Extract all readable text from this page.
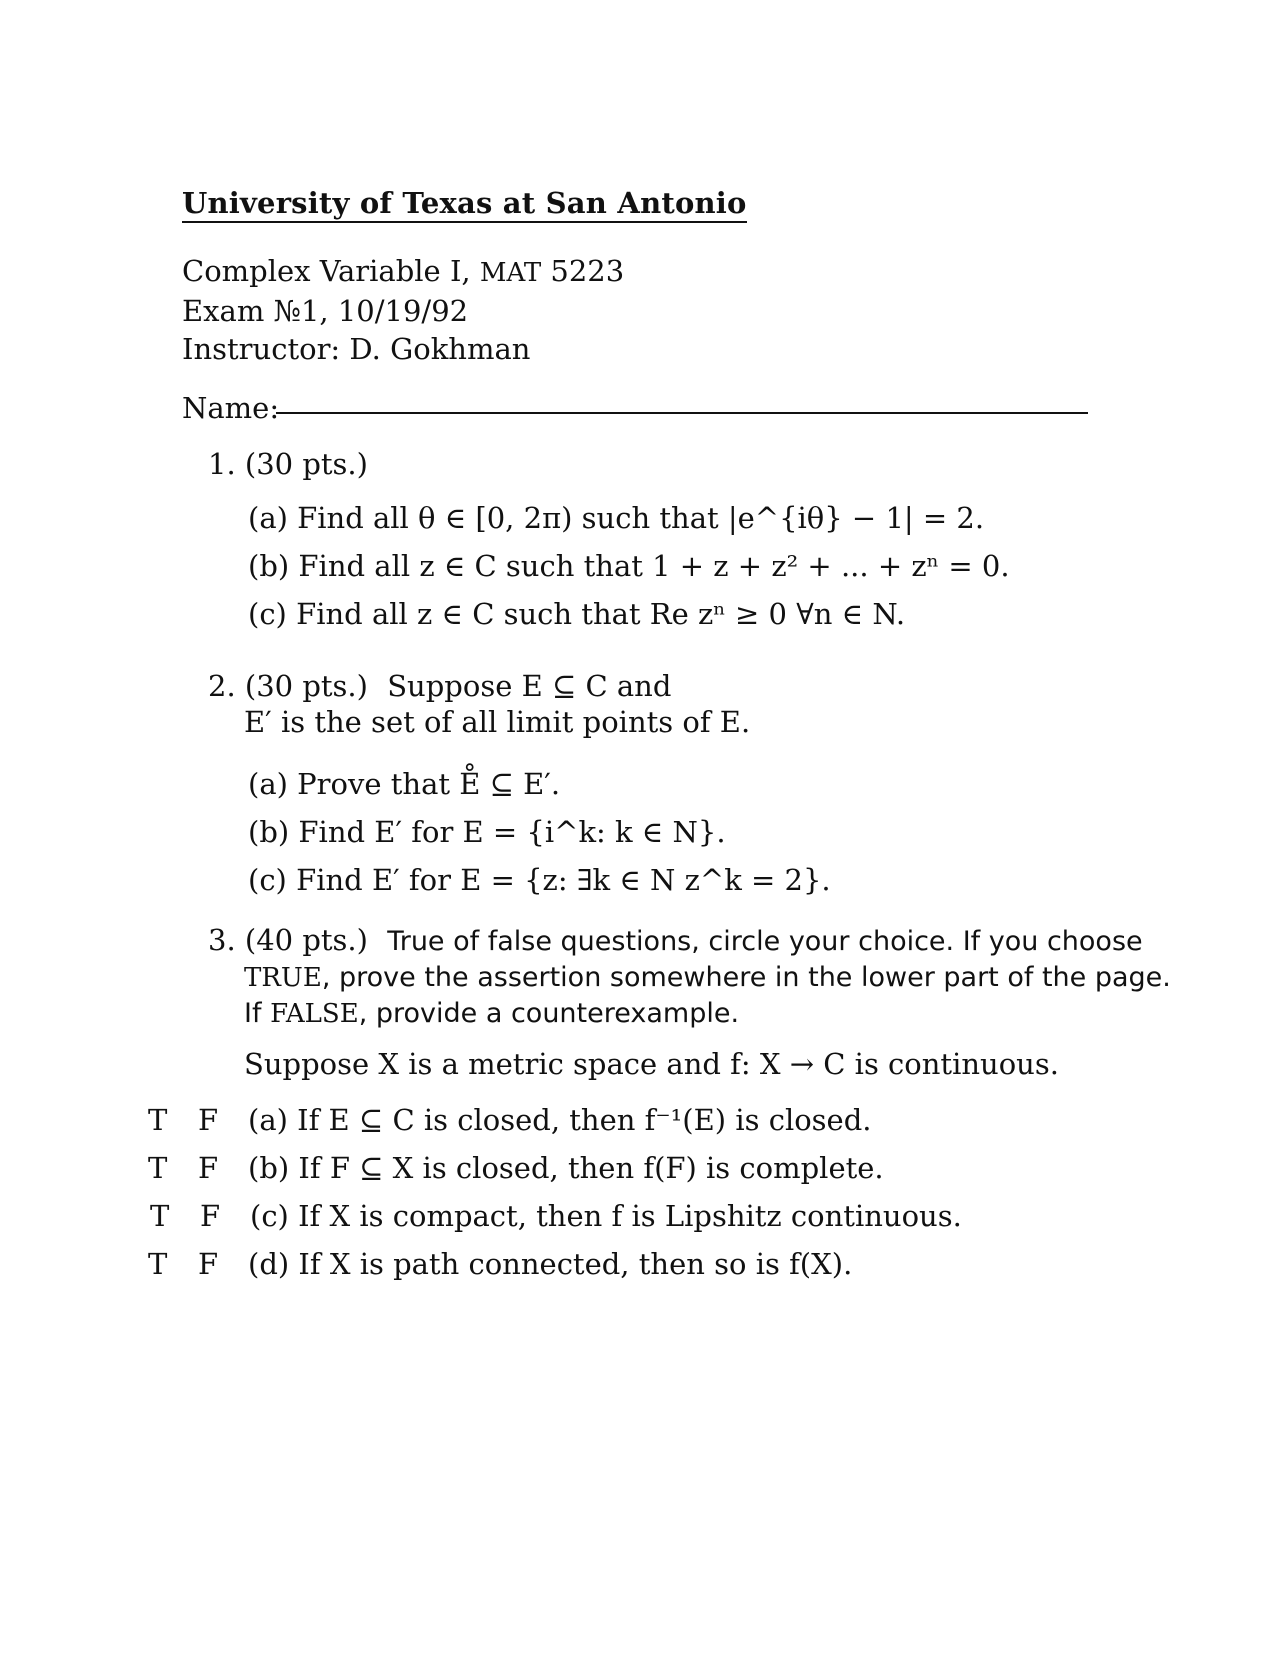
University of Texas at San Antonio
Complex Variable I, MAT 5223
Exam №1, 10/19/92
Instructor: D. Gokhman
Name:
1. (30 pts.)
(a) Find all θ ∈ [0, 2π) such that |e^{iθ} − 1| = 2.
(b) Find all z ∈ C such that 1 + z + z² + ... + zⁿ = 0.
(c) Find all z ∈ C such that Re zⁿ ≥ 0 ∀n ∈ N.
2. (30 pts.) Suppose E ⊆ C and
E′ is the set of all limit points of E.
(a) Prove that E̊ ⊆ E′.
(b) Find E′ for E = {i^k: k ∈ N}.
(c) Find E′ for E = {z: ∃k ∈ N z^k = 2}.
3. (40 pts.) True of false questions, circle your choice. If you choose
TRUE, prove the assertion somewhere in the lower part of the page.
If FALSE, provide a counterexample.
Suppose X is a metric space and f: X → C is continuous.
T F (a) If E ⊆ C is closed, then f⁻¹(E) is closed.
T F (b) If F ⊆ X is closed, then f(F) is complete.
T F (c) If X is compact, then f is Lipshitz continuous.
T F (d) If X is path connected, then so is f(X).
